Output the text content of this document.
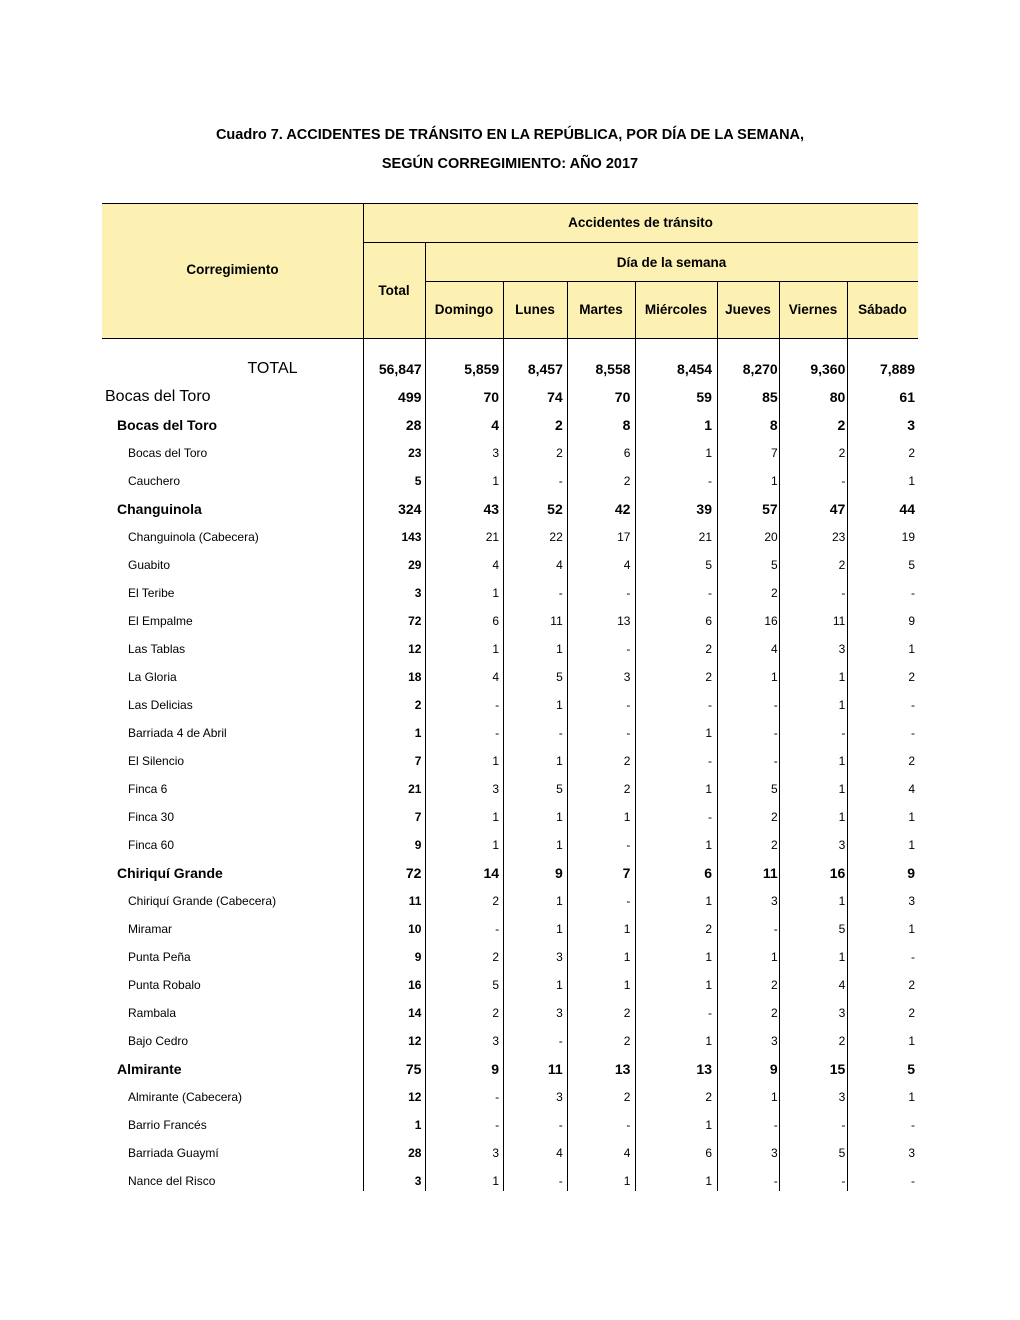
Cuadro 7. ACCIDENTES DE TRÁNSITO EN LA REPÚBLICA, POR DÍA DE LA SEMANA,
SEGÚN CORREGIMIENTO: AÑO 2017
Corregimiento
Accidentes de tránsito
Día de la semana
Total
Domingo	Lunes	Martes	Miércoles	Jueves	Viernes	Sábado
TOTAL	56,847	5,859	8,457	8,558	8,454	8,270	9,360	7,889
Bocas del Toro	499	70	74	70	59	85	80	61
Bocas del Toro	28	4	2	8	1	8	2	3
Bocas del Toro	23	3	2	6	1	7	2	2
Cauchero	5	1	-	2	-	1	-	1
Changuinola	324	43	52	42	39	57	47	44
Changuinola (Cabecera)	143	21	22	17	21	20	23	19
Guabito	29	4	4	4	5	5	2	5
El Teribe	3	1	-	-	-	2	-	-
El Empalme	72	6	11	13	6	16	11	9
Las Tablas	12	1	1	-	2	4	3	1
La Gloria	18	4	5	3	2	1	1	2
Las Delicias	2	-	1	-	-	-	1	-
Barriada 4 de Abril	1	-	-	-	1	-	-	-
El Silencio	7	1	1	2	-	-	1	2
Finca 6	21	3	5	2	1	5	1	4
Finca 30	7	1	1	1	-	2	1	1
Finca 60	9	1	1	-	1	2	3	1
Chiriquí Grande	72	14	9	7	6	11	16	9
Chiriquí Grande (Cabecera)	11	2	1	-	1	3	1	3
Miramar	10	-	1	1	2	-	5	1
Punta Peña	9	2	3	1	1	1	1	-
Punta Robalo	16	5	1	1	1	2	4	2
Rambala	14	2	3	2	-	2	3	2
Bajo Cedro	12	3	-	2	1	3	2	1
Almirante	75	9	11	13	13	9	15	5
Almirante (Cabecera)	12	-	3	2	2	1	3	1
Barrio Francés	1	-	-	-	1	-	-	-
Barriada Guaymí	28	3	4	4	6	3	5	3
Nance del Risco	3	1	-	1	1	-	-	-
